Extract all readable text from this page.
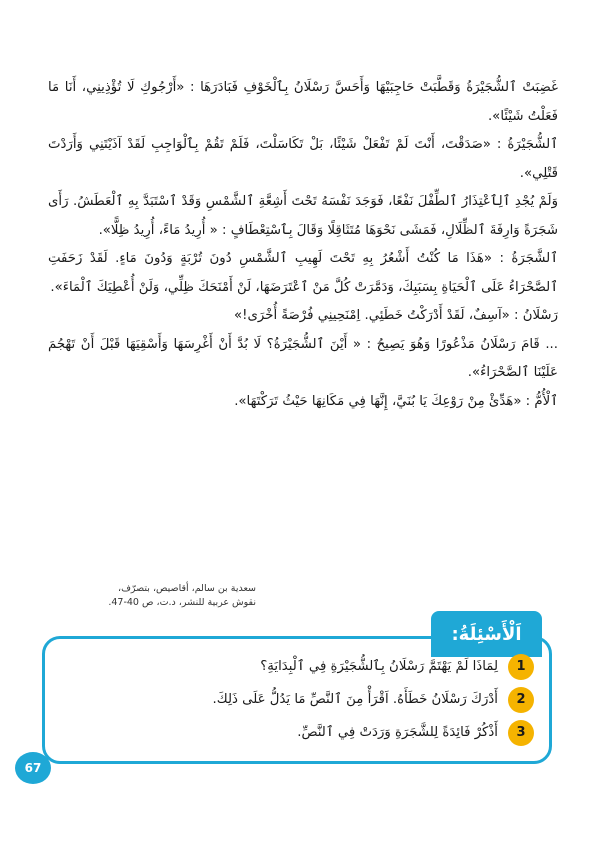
غَضِبَتْ ٱلشُّجَيْرَةُ وَقَطَّبَتْ حَاجِبَيْهَا وَأَحَسَّ رَسْلَانُ بِٱلْخَوْفِ فَبَادَرَهَا : «أَرْجُوكِ لَا تُؤْذِينِي، أَنَا مَا فَعَلْتُ شَيْئًا».

ٱلشُّجَيْرَةُ : «صَدَقْتَ، أَنْتَ لَمْ تَفْعَلْ شَيْئًا، بَلْ تَكَاسَلْتَ، فَلَمْ تَقُمْ بِٱلْوَاجِبِ لَقَدْ آذَيْتَنِي وَأَرَدْتَ قَتْلِي».

وَلَمْ يُجْدِ ٱلِٱعْتِذَارُ ٱلطِّفْلَ نَفْعًا، فَوَجَدَ نَفْسَهُ تَحْتَ أَشِعَّةِ ٱلشَّمْسِ وَقَدْ ٱسْتَبَدَّ بِهِ ٱلْعَطَشُ. رَأَى شَجَرَةً وَارِفَةَ ٱلظِّلَالِ، فَمَشَى نَحْوَهَا مُتَثَاقِلًا وَقَالَ بِٱسْتِعْطَافٍ : « أُرِيدُ مَاءً، أُرِيدُ ظِلًّا».

ٱلشَّجَرَةُ : «هَذَا مَا كُنْتُ أَشْعُرُ بِهِ تَحْتَ لَهِيبِ ٱلشَّمْسِ دُونَ تُرْبَةٍ وَدُونَ مَاءٍ. لَقَدْ زَحَفَتِ ٱلصَّحْرَاءُ عَلَى ٱلْحَيَاةِ بِسَبَبِكَ، وَدَمَّرَتْ كُلَّ مَنْ ٱعْتَرَضَهَا، لَنْ أَمْنَحَكَ ظِلِّي، وَلَنْ أُعْطِيَكَ ٱلْمَاءَ».

رَسْلَانُ : «آسِفٌ، لَقَدْ أَدْرَكْتُ خَطَئِي. اِمْنَحِينِي فُرْصَةً أُخْرَى!»

... قَامَ رَسْلَانُ مَذْعُورًا وَهُوَ يَصِيحُ : « أَيْنَ ٱلشُّجَيْرَةُ؟ لَا بُدَّ أَنْ أَغْرِسَهَا وَأَسْقِيَهَا قَبْلَ أَنْ تَهْجُمَ عَلَيْنَا ٱلصَّحْرَاءُ».

ٱلْأُمُّ : «هَدِّئْ مِنْ رَوْعِكَ يَا بُنَيَّ، إِنَّهَا فِي مَكَانِهَا حَيْثُ تَرَكْتَهَا».

سعدية بن سالم، أقاصيص، بتصرّف،
نقوش عربية للنشر، د.ت، ص 40-47.
اَلْأَسْئِلَةُ:
1
لِمَاذَا لَمْ يَهْتَمَّ رَسْلَانُ بِٱلشُّجَيْرَةِ فِي ٱلْبِدَايَةِ؟
2
أَدْرَكَ رَسْلَانُ خَطَأَهُ. اَقْرَأْ مِنَ ٱلنَّصِّ مَا يَدُلُّ عَلَى ذَلِكَ.
3
أَذْكُرْ فَائِدَةً لِلشَّجَرَةِ وَرَدَتْ فِي ٱلنَّصِّ.
67
